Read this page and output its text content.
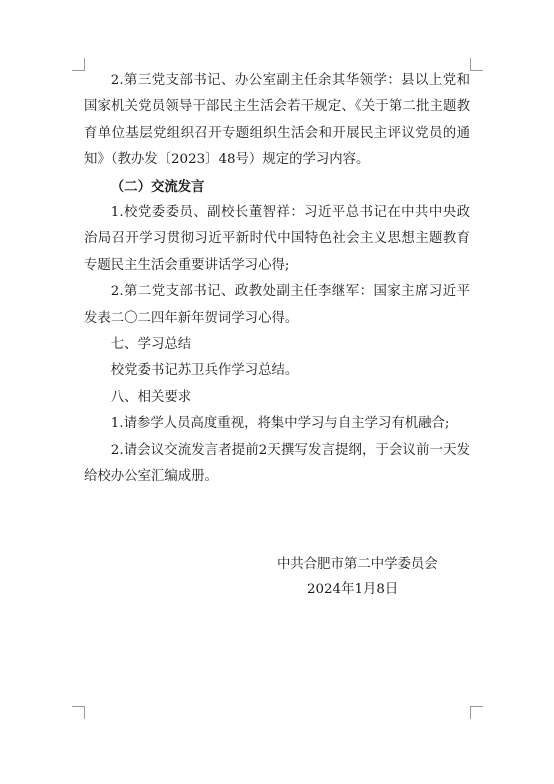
2.第三党支部书记、办公室副主任余其华领学：县以上党和国家机关党员领导干部民主生活会若干规定、《关于第二批主题教育单位基层党组织召开专题组织生活会和开展民主评议党员的通知》（教办发〔2023〕48号）规定的学习内容。

（二）交流发言

1.校党委委员、副校长董智祥：习近平总书记在中共中央政治局召开学习贯彻习近平新时代中国特色社会主义思想主题教育专题民主生活会重要讲话学习心得;

2.第二党支部书记、政教处副主任李继军：国家主席习近平发表二〇二四年新年贺词学习心得。

七、学习总结

校党委书记苏卫兵作学习总结。

八、相关要求

1.请参学人员高度重视，将集中学习与自主学习有机融合;

2.请会议交流发言者提前2天撰写发言提纲，于会议前一天发给校办公室汇编成册。

中共合肥市第二中学委员会
2024年1月8日
